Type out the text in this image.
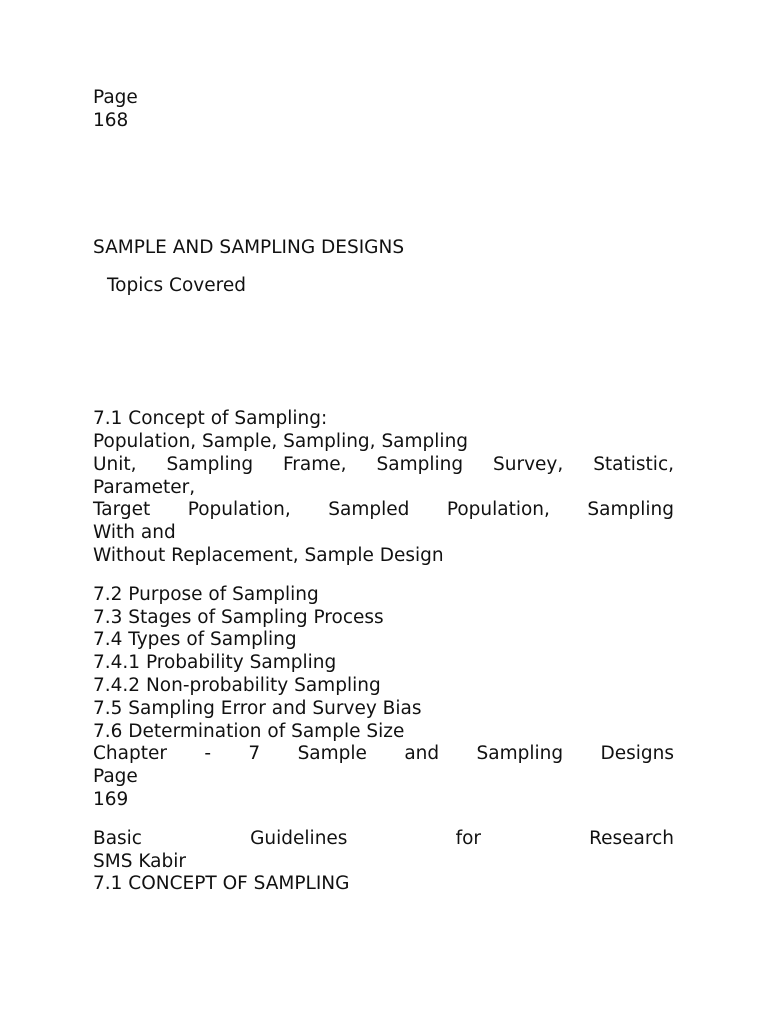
Page
168
SAMPLE AND SAMPLING DESIGNS
Topics Covered
7.1 Concept of Sampling:
Population, Sample, Sampling, Sampling
Unit, Sampling Frame, Sampling Survey, Statistic,
Parameter,
Target Population, Sampled Population, Sampling
With and
Without Replacement, Sample Design
7.2 Purpose of Sampling
7.3 Stages of Sampling Process
7.4 Types of Sampling
7.4.1 Probability Sampling
7.4.2 Non-probability Sampling
7.5 Sampling Error and Survey Bias
7.6 Determination of Sample Size
Chapter - 7 Sample and Sampling Designs
Page
169
Basic	Guidelines	for	Research
SMS Kabir
7.1 CONCEPT OF SAMPLING
